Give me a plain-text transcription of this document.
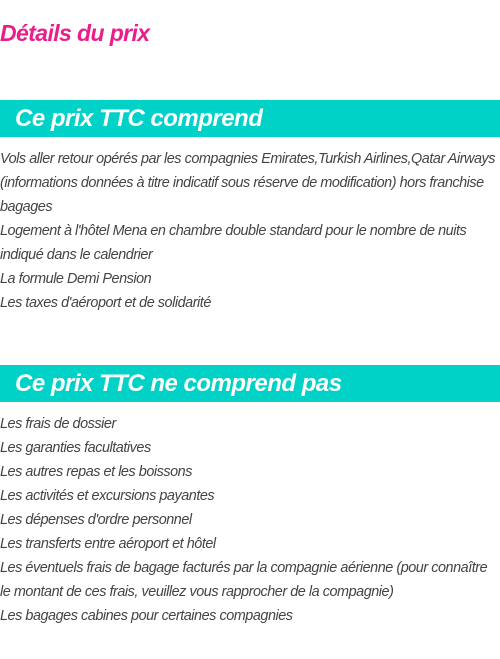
Détails du prix
Ce prix TTC comprend
Vols aller retour opérés par les compagnies Emirates,Turkish Airlines,Qatar Airways (informations données à titre indicatif sous réserve de modification) hors franchise bagages
Logement à l'hôtel Mena en chambre double standard pour le nombre de nuits indiqué dans le calendrier
La formule Demi Pension
Les taxes d'aéroport et de solidarité
Ce prix TTC ne comprend pas
Les frais de dossier
Les garanties facultatives
Les autres repas et les boissons
Les activités et excursions payantes
Les dépenses d'ordre personnel
Les transferts entre aéroport et hôtel
Les éventuels frais de bagage facturés par la compagnie aérienne (pour connaître le montant de ces frais, veuillez vous rapprocher de la compagnie)
Les bagages cabines pour certaines compagnies
